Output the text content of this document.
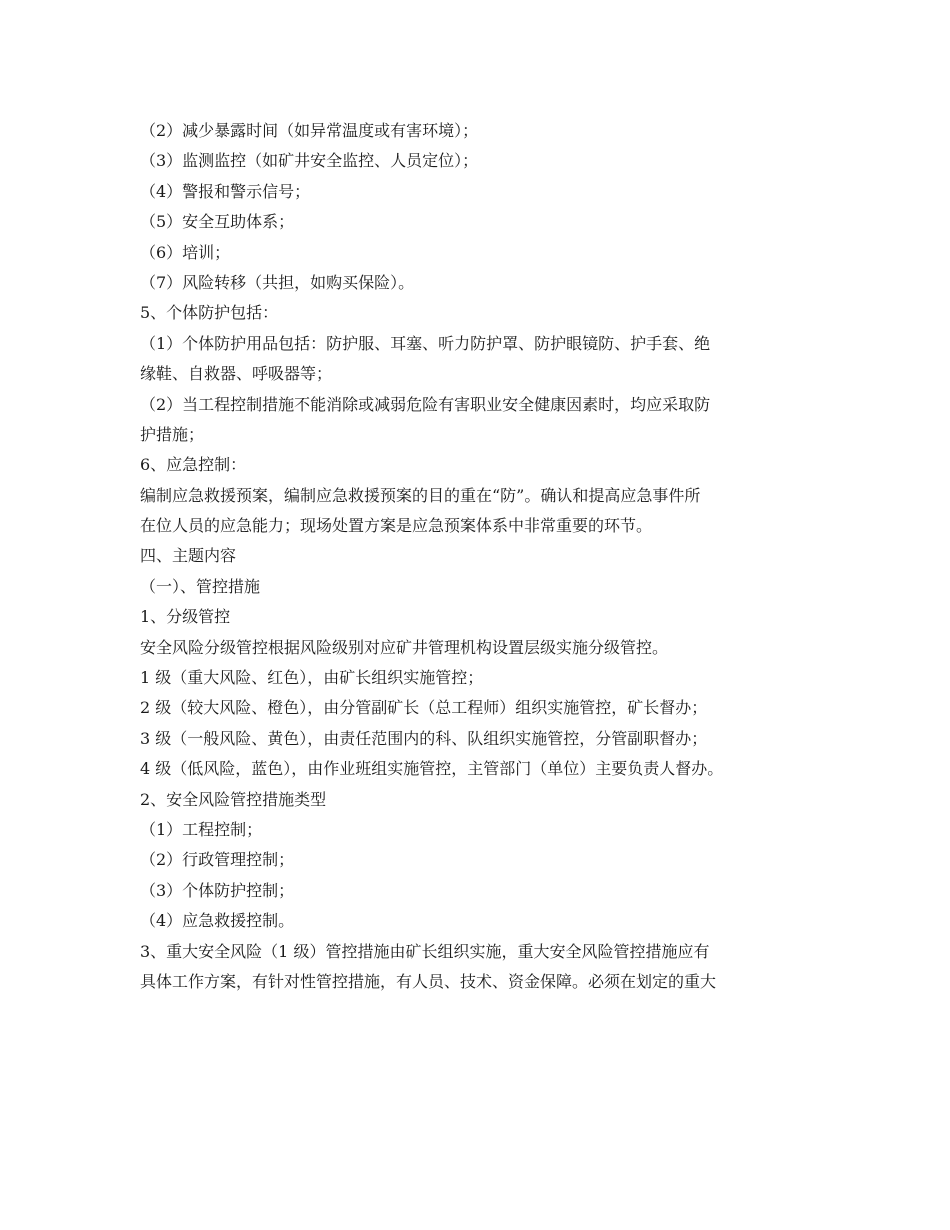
（2）减少暴露时间（如异常温度或有害环境）；
（3）监测监控（如矿井安全监控、人员定位）；
（4）警报和警示信号；
（5）安全互助体系；
（6）培训；
（7）风险转移（共担，如购买保险）。
5、个体防护包括：
（1）个体防护用品包括：防护服、耳塞、听力防护罩、防护眼镜防、护手套、绝
缘鞋、自救器、呼吸器等；
（2）当工程控制措施不能消除或减弱危险有害职业安全健康因素时，均应采取防
护措施；
6、应急控制：
编制应急救援预案，编制应急救援预案的目的重在“防”。确认和提高应急事件所
在位人员的应急能力；现场处置方案是应急预案体系中非常重要的环节。
四、主题内容
（一）、管控措施
1、分级管控
安全风险分级管控根据风险级别对应矿井管理机构设置层级实施分级管控。
1 级（重大风险、红色），由矿长组织实施管控；
2 级（较大风险、橙色），由分管副矿长（总工程师）组织实施管控，矿长督办；
3 级（一般风险、黄色），由责任范围内的科、队组织实施管控，分管副职督办；
4 级（低风险，蓝色），由作业班组实施管控，主管部门（单位）主要负责人督办。
2、安全风险管控措施类型
（1）工程控制；
（2）行政管理控制；
（3）个体防护控制；
（4）应急救援控制。
3、重大安全风险（1 级）管控措施由矿长组织实施，重大安全风险管控措施应有
具体工作方案，有针对性管控措施，有人员、技术、资金保障。必须在划定的重大
